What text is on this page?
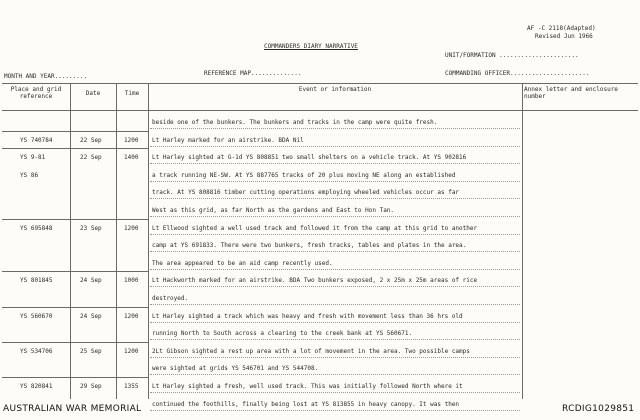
AF -C 2118(Adapted)
Revised Jun 1966
COMMANDERS DIARY NARRATIVE
UNIT/FORMATION ......................
MONTH AND YEAR.........	REFERENCE MAP..............	COMMANDING OFFICER......................
Place and grid reference	Date	Time
Event or information	Annex letter and enclosure number
beside one of the bunkers. The bunkers and tracks in the camp were quite fresh.
YS 740784	22 Sep	1200 Lt Harley marked for an airstrike. BDA Nil
YS 9-81	22 Sep	1400 Lt Harley sighted at G-1d YS 808851 two small shelters on a vehicle track. At YS 902816
YS 86	a track running NE-SW. At YS 887765 tracks of 20 plus moving NE along an established
track. At YS 808816 timber cutting operations employing wheeled vehicles occur as far
West as this grid, as far North as the gardens and East to Hon Tan.
YS 695848	23 Sep	1200 Lt Ellwood sighted a well used track and followed it from the camp at this grid to another
camp at YS 691833. There were two bunkers, fresh tracks, tables and plates in the area.
The area appeared to be an aid camp recently used.
YS 801845	24 Sep	1000 Lt Hackworth marked for an airstrike. BDA Two bunkers exposed, 2 x 25m x 25m areas of rice
destroyed.
YS 560670	24 Sep	1200 Lt Harley sighted a track which was heavy and fresh with movement less than 36 hrs old
running North to South across a clearing to the creek bank at YS 560671.
YS 534706	25 Sep	1200 2Lt Gibson sighted a rest up area with a lot of movement in the area. Two possible camps
were sighted at grids YS 546701 and YS 544708.
YS 820841	29 Sep	1355 Lt Harley sighted a fresh, well used track. This was initially followed North where it
continued the foothills, finally being lost at YS 813855 in heavy canopy. It was then
AUSTRALIAN WAR MEMORIAL	RCDIG1029851
